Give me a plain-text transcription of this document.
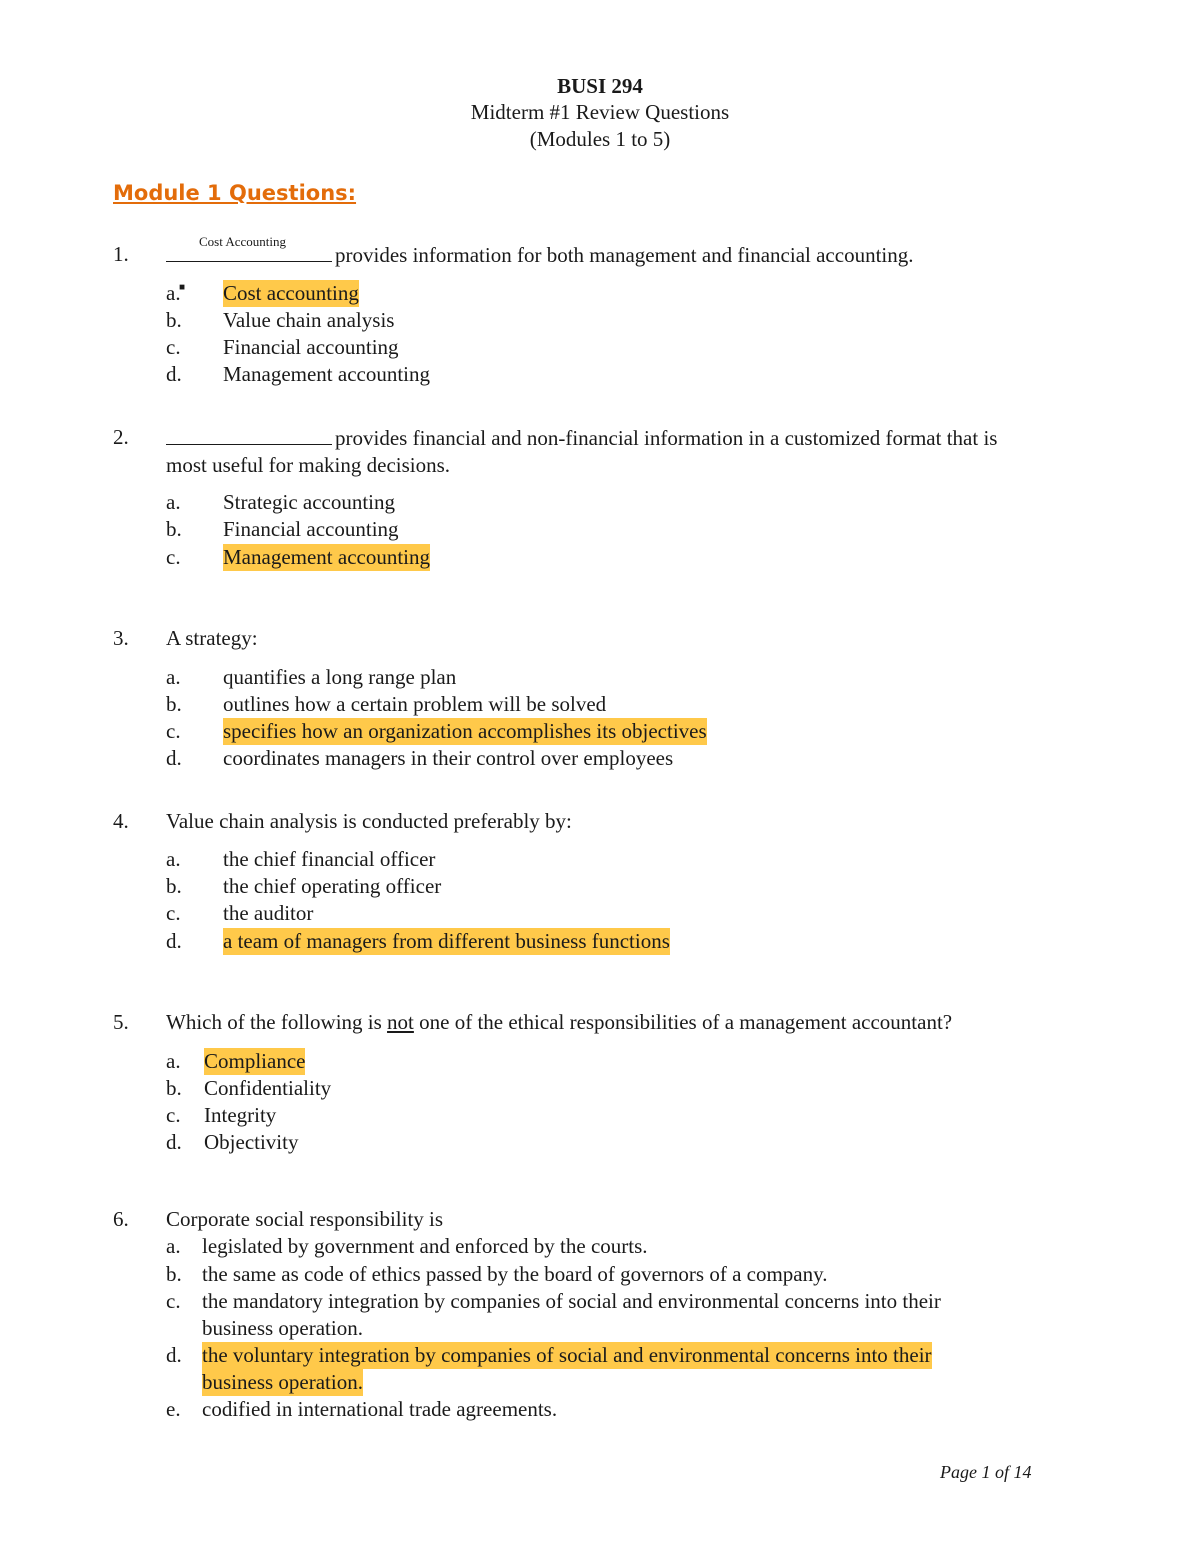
BUSI 294
Midterm #1 Review Questions
(Modules 1 to 5)
Module 1 Questions:
1.
Cost Accounting
provides information for both management and financial accounting.
a.
■ Cost accounting
b. Value chain analysis
c. Financial accounting
d. Management accounting
2.	provides financial and non-financial information in a customized format that is
most useful for making decisions.
a. Strategic accounting
b. Financial accounting
c. Management accounting
3. A strategy:
a. quantifies a long range plan
b. outlines how a certain problem will be solved
c. specifies how an organization accomplishes its objectives
d. coordinates managers in their control over employees
4. Value chain analysis is conducted preferably by:
a. the chief financial officer
b. the chief operating officer
c. the auditor
d. a team of managers from different business functions
5. Which of the following is not one of the ethical responsibilities of a management accountant?
a. Compliance
b. Confidentiality
c. Integrity
d. Objectivity
6. Corporate social responsibility is
a. legislated by government and enforced by the courts.
b. the same as code of ethics passed by the board of governors of a company.
c. the mandatory integration by companies of social and environmental concerns into their
business operation.
d. the voluntary integration by companies of social and environmental concerns into their
business operation.
e. codified in international trade agreements.
Page 1 of 14
